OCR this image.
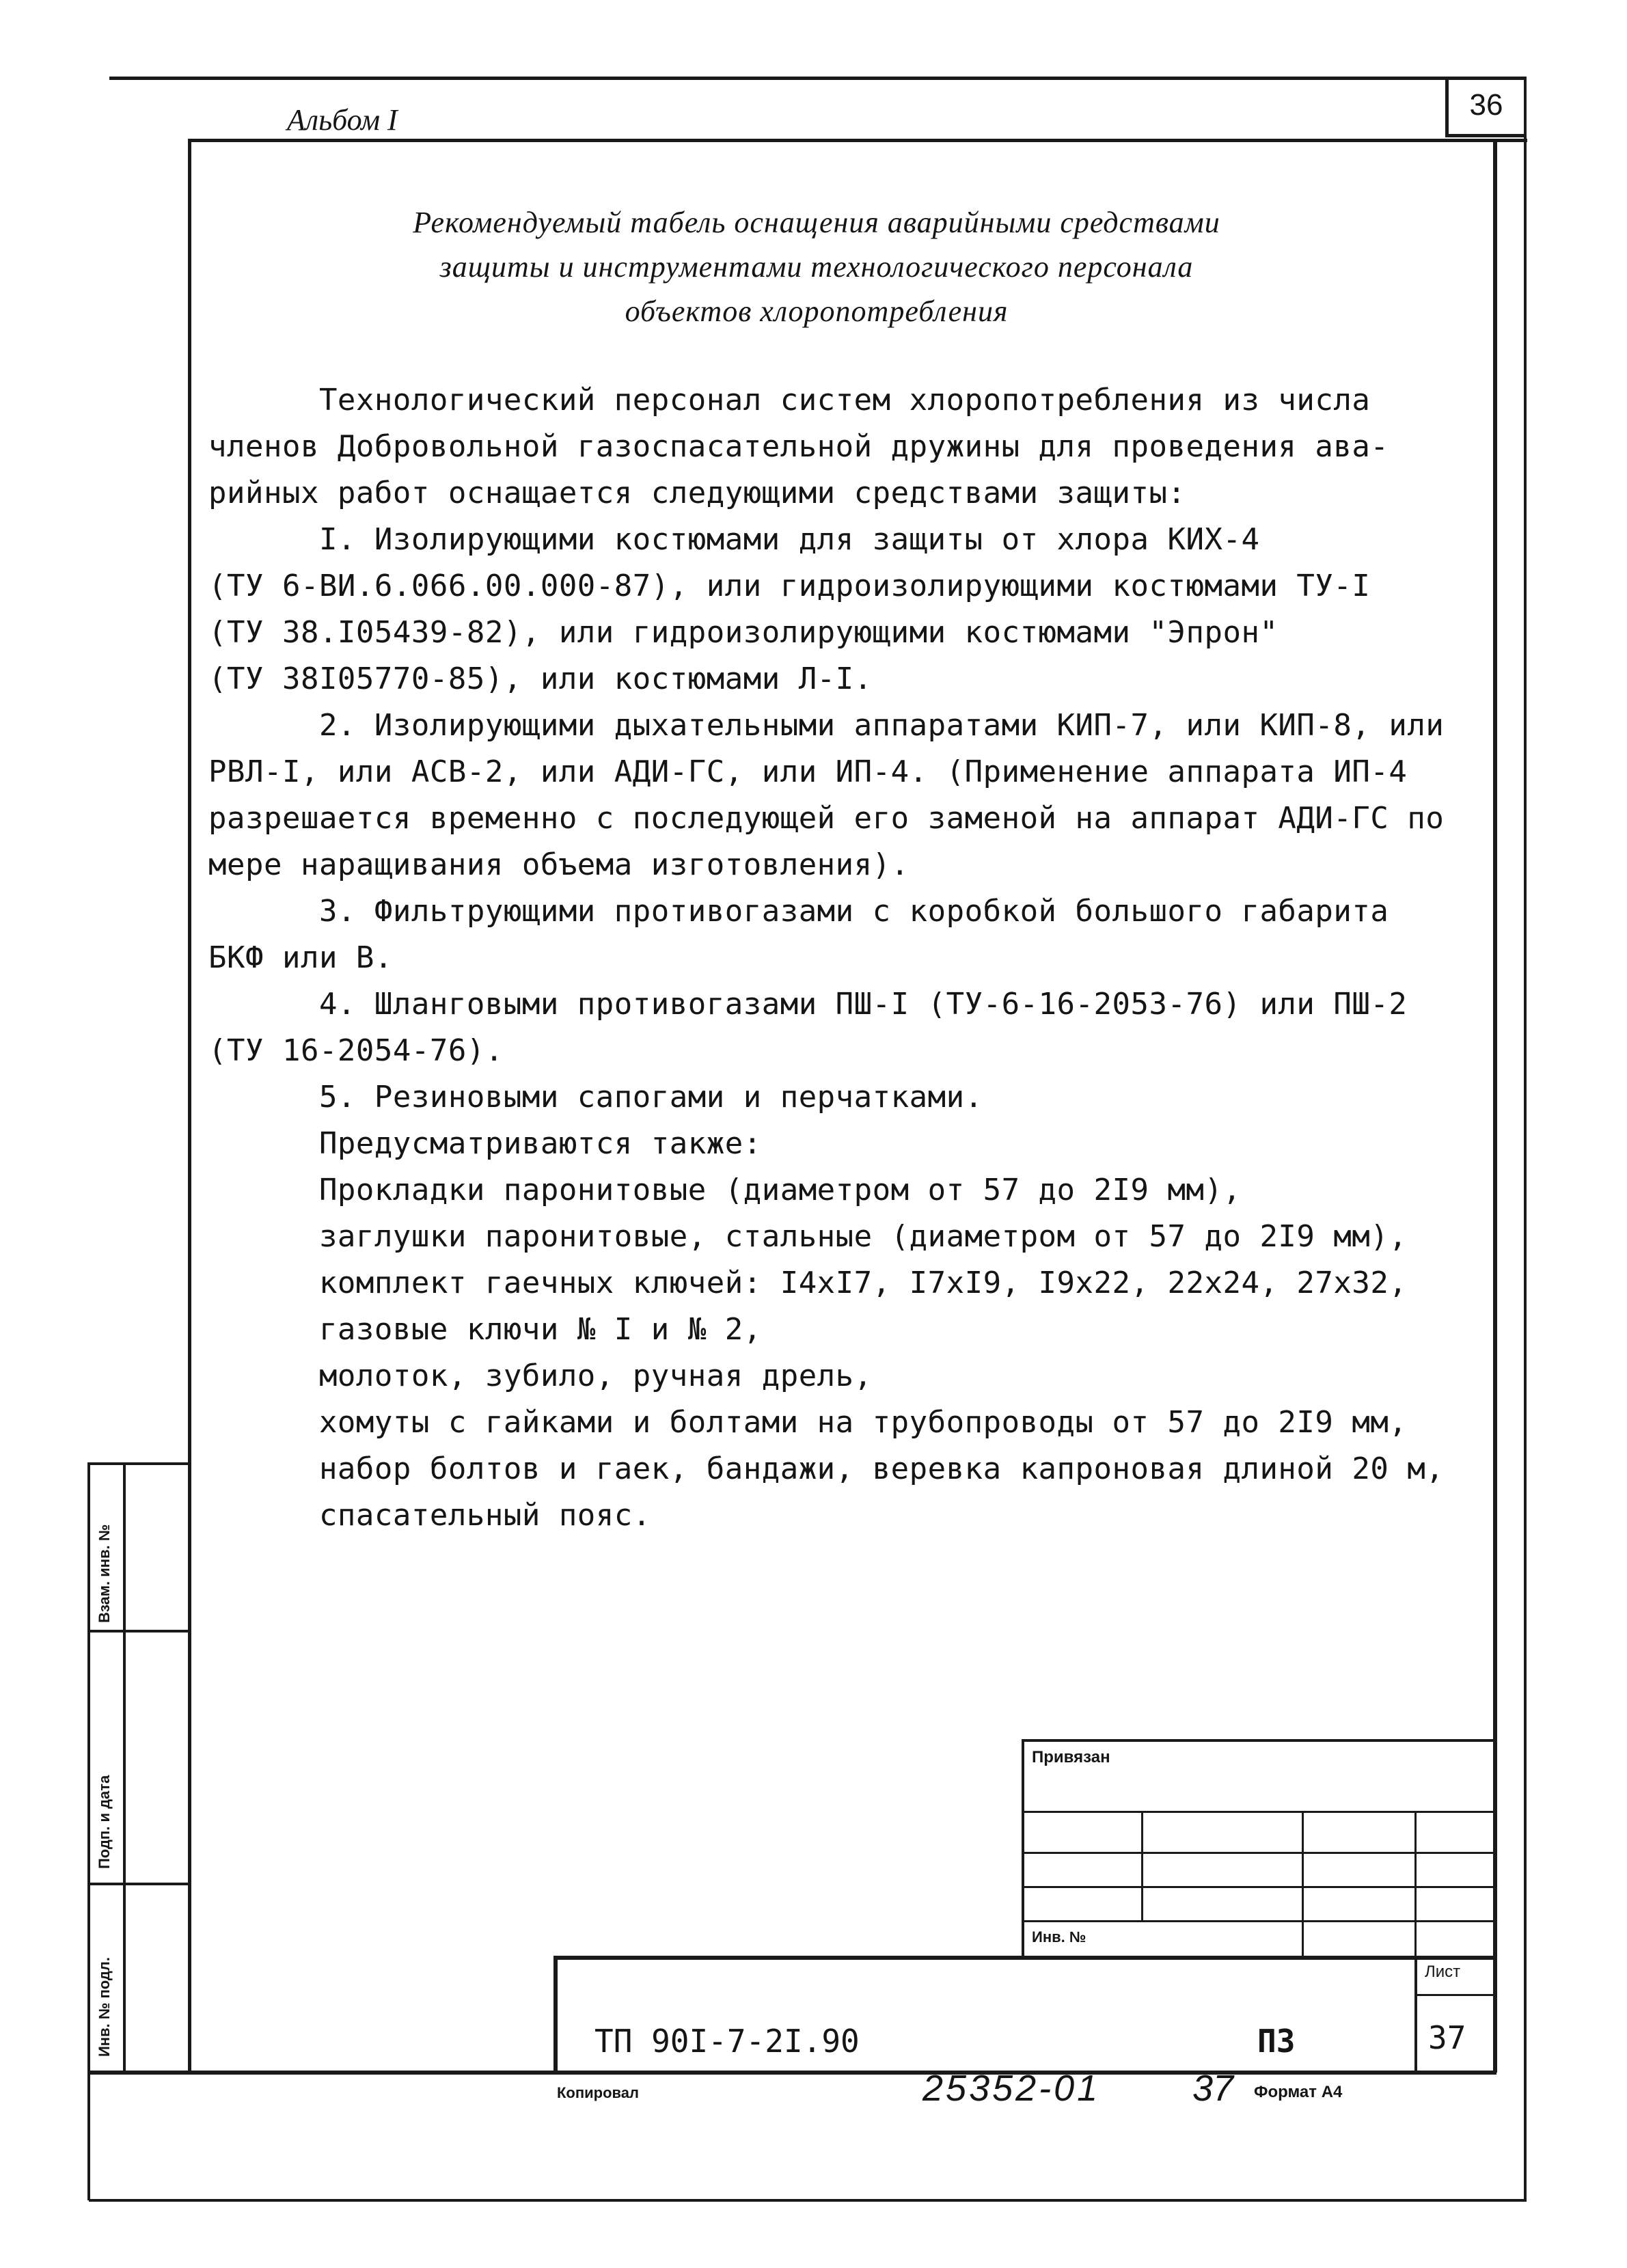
Альбом I	36
Рекомендуемый табель оснащения аварийными средствами
защиты и инструментами технологического персонала
объектов хлоропотребления
Технологический персонал систем хлоропотребления из числа
членов Добровольной газоспасательной дружины для проведения ава-
рийных работ оснащается следующими средствами защиты:
I. Изолирующими костюмами для защиты от хлора КИХ-4
(ТУ 6-ВИ.6.066.00.000-87), или гидроизолирующими костюмами ТУ-I
(ТУ 38.I05439-82), или гидроизолирующими костюмами "Эпрон"
(ТУ 38I05770-85), или костюмами Л-I.
2. Изолирующими дыхательными аппаратами КИП-7, или КИП-8, или
РВЛ-I, или АСВ-2, или АДИ-ГС, или ИП-4. (Применение аппарата ИП-4
разрешается временно с последующей его заменой на аппарат АДИ-ГС по
мере наращивания объема изготовления).
3. Фильтрующими противогазами с коробкой большого габарита
БКФ или В.
4. Шланговыми противогазами ПШ-I (ТУ-6-16-2053-76) или ПШ-2
(ТУ 16-2054-76).
5. Резиновыми сапогами и перчатками.
Предусматриваются также:
Прокладки паронитовые (диаметром от 57 до 2I9 мм),
заглушки паронитовые, стальные (диаметром от 57 до 2I9 мм),
комплект гаечных ключей: I4xI7, I7xI9, I9x22, 22x24, 27x32,
газовые ключи № I и № 2,
молоток, зубило, ручная дрель,
хомуты с гайками и болтами на трубопроводы от 57 до 2I9 мм,
набор болтов и гаек, бандажи, веревка капроновая длиной 20 м,
спасательный пояс.
Взам. инв. №
Подп. и дата
Инв. № подл.
Привязан
Инв. №
ТП 90I-7-2I.90	ПЗ
Лист
37
Копировал	25352-01 37 Формат А4
